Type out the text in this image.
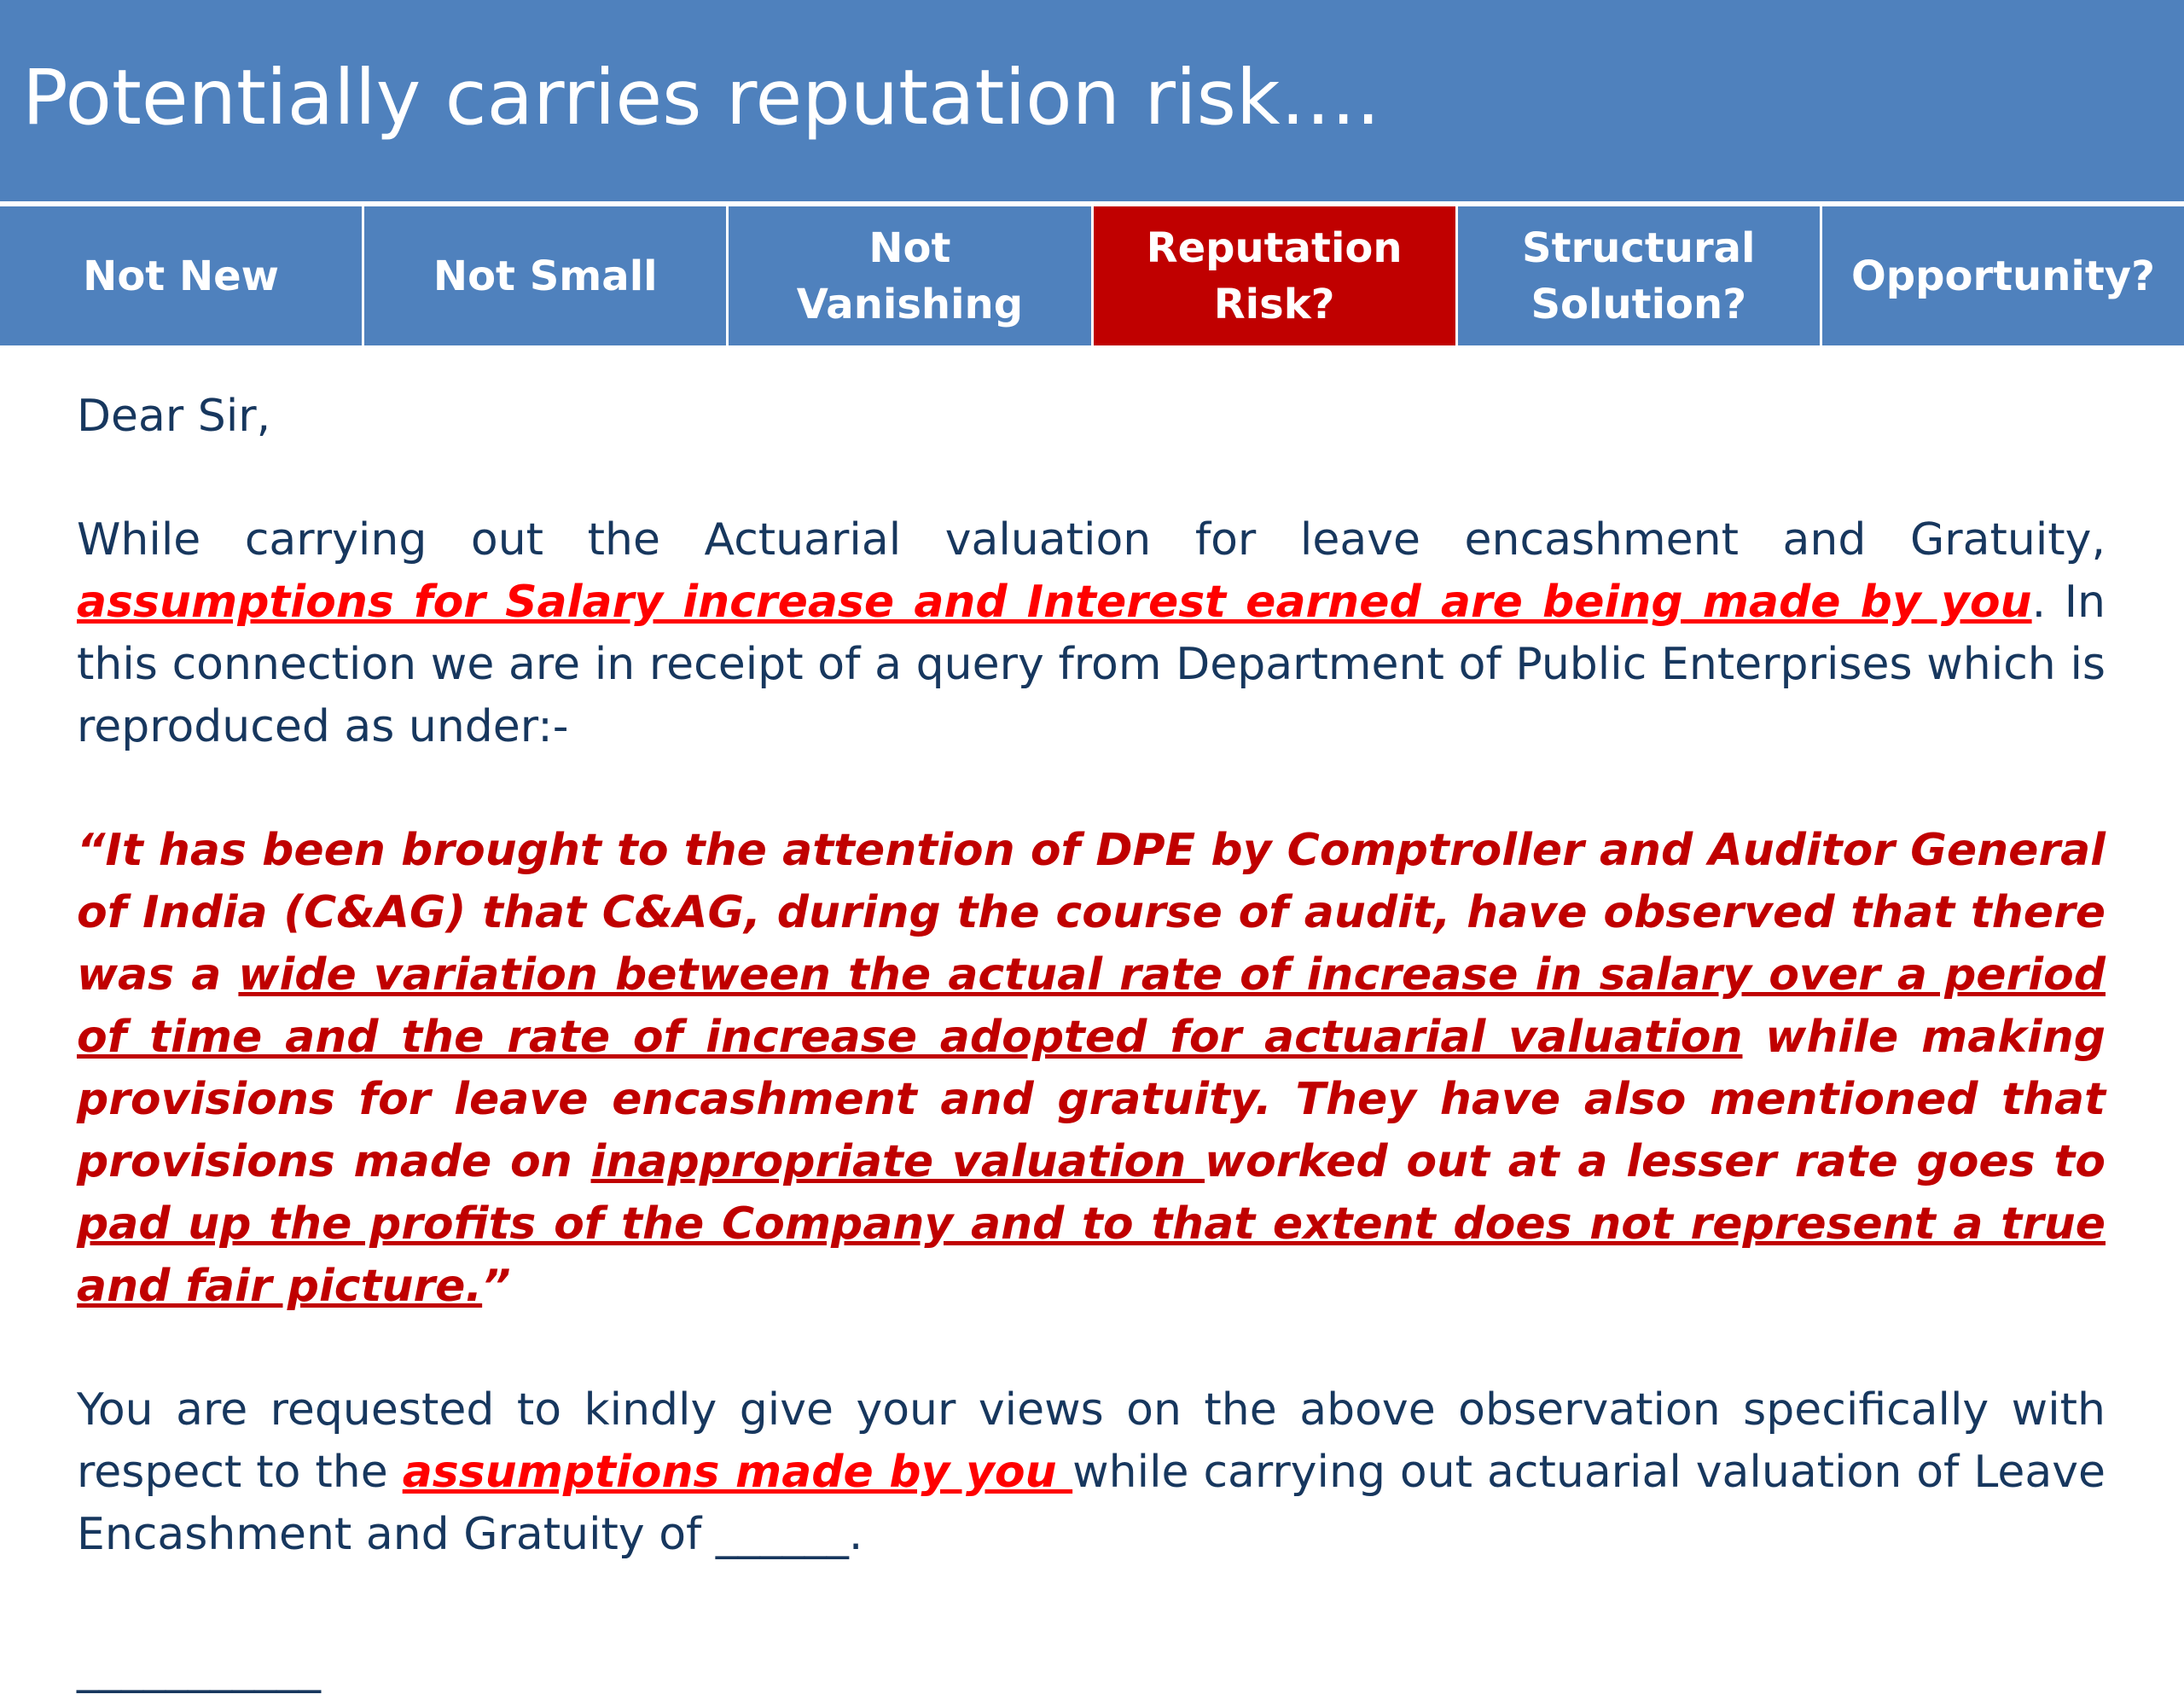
Potentially carries reputation risk….
Not New	Not Small
Not Vanishing
Reputation Risk?
Structural Solution?
Opportunity?

Dear Sir,

While carrying out the Actuarial valuation for leave encashment and Gratuity, assumptions for Salary increase and Interest earned are being made by you. In this connection we are in receipt of a query from Department of Public Enterprises which is reproduced as under:-

“It has been brought to the attention of DPE by Comptroller and Auditor General of India (C&AG) that C&AG, during the course of audit, have observed that there was a wide variation between the actual rate of increase in salary over a period of time and the rate of increase adopted for actuarial valuation while making provisions for leave encashment and gratuity. They have also mentioned that provisions made on inappropriate valuation worked out at a lesser rate goes to pad up the profits of the Company and to that extent does not represent a true and fair picture.”

You are requested to kindly give your views on the above observation specifically with respect to the assumptions made by you while carrying out actuarial valuation of Leave Encashment and Gratuity of ______.

___________
